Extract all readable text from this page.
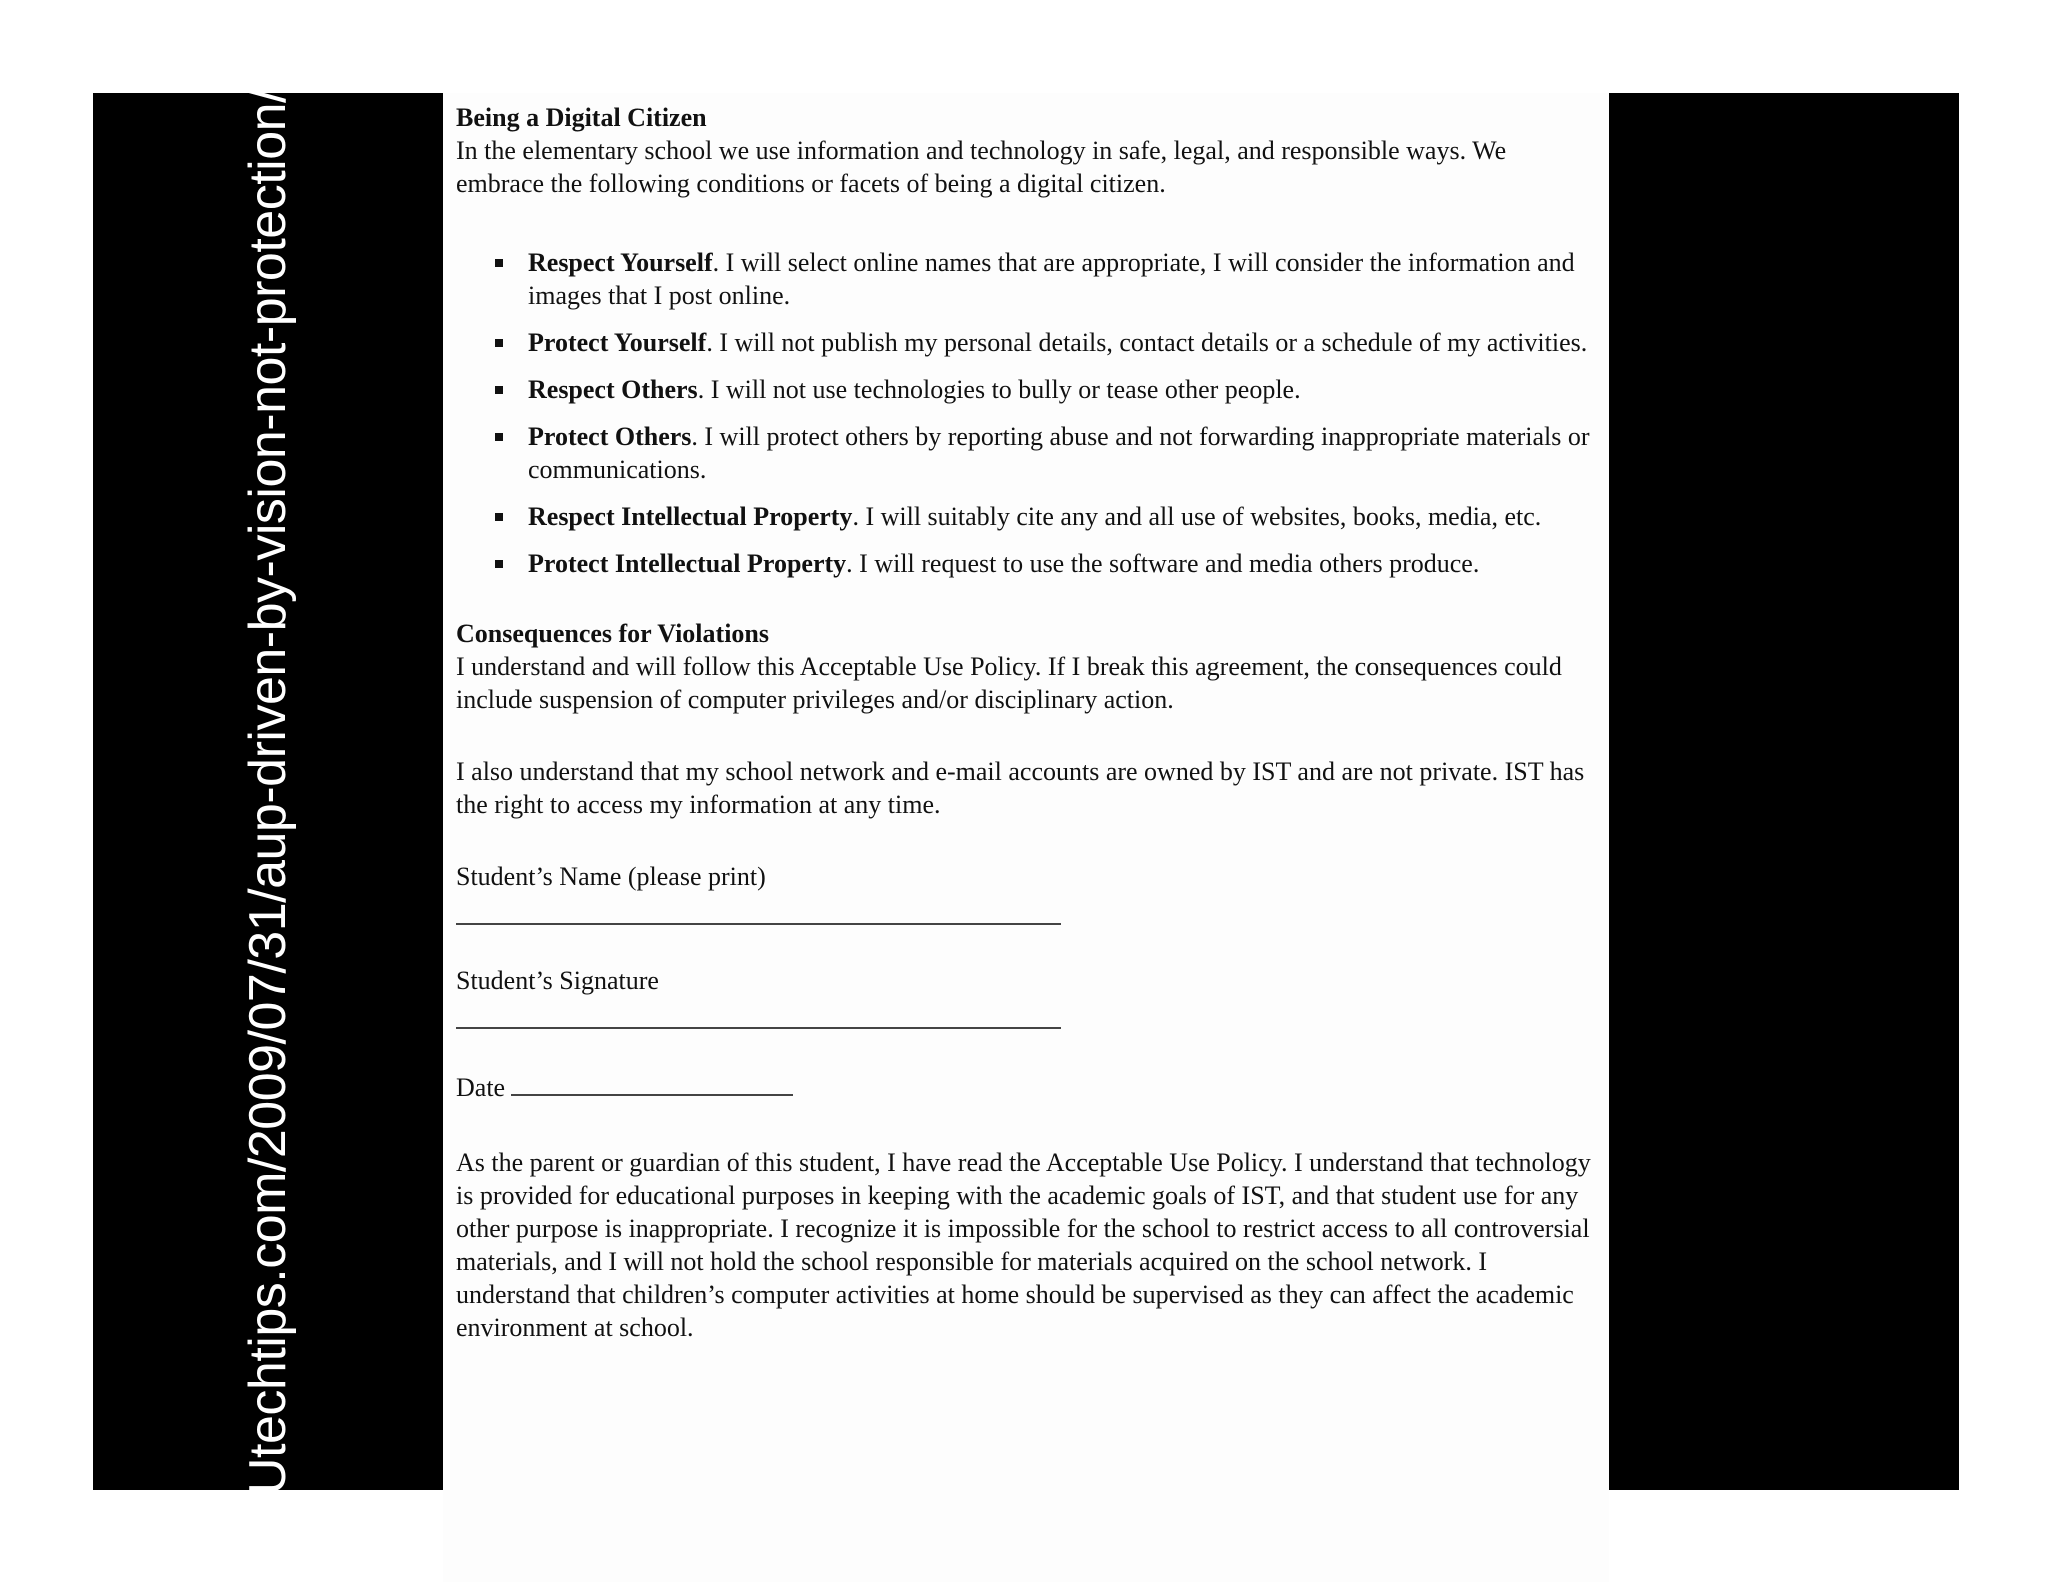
Utechtips.com/2009/07/31/aup-driven-by-vision-not-protection/	Being a Digital Citizen

In the elementary school we use information and technology in safe, legal, and responsible ways. We embrace the following conditions or facets of being a digital citizen.

Respect Yourself. I will select online names that are appropriate, I will consider the information and images that I post online.
Protect Yourself. I will not publish my personal details, contact details or a schedule of my activities.
Respect Others. I will not use technologies to bully or tease other people.
Protect Others. I will protect others by reporting abuse and not forwarding inappropriate materials or communications.
Respect Intellectual Property. I will suitably cite any and all use of websites, books, media, etc.
Protect Intellectual Property. I will request to use the software and media others produce.

Consequences for Violations

I understand and will follow this Acceptable Use Policy. If I break this agreement, the consequences could include suspension of computer privileges and/or disciplinary action.

I also understand that my school network and e-mail accounts are owned by IST and are not private. IST has the right to access my information at any time.

Student’s Name (please print)

Student’s Signature

Date

As the parent or guardian of this student, I have read the Acceptable Use Policy. I understand that technology is provided for educational purposes in keeping with the academic goals of IST, and that student use for any other purpose is inappropriate. I recognize it is impossible for the school to restrict access to all controversial materials, and I will not hold the school responsible for materials acquired on the school network. I understand that children’s computer activities at home should be supervised as they can affect the academic environment at school.
